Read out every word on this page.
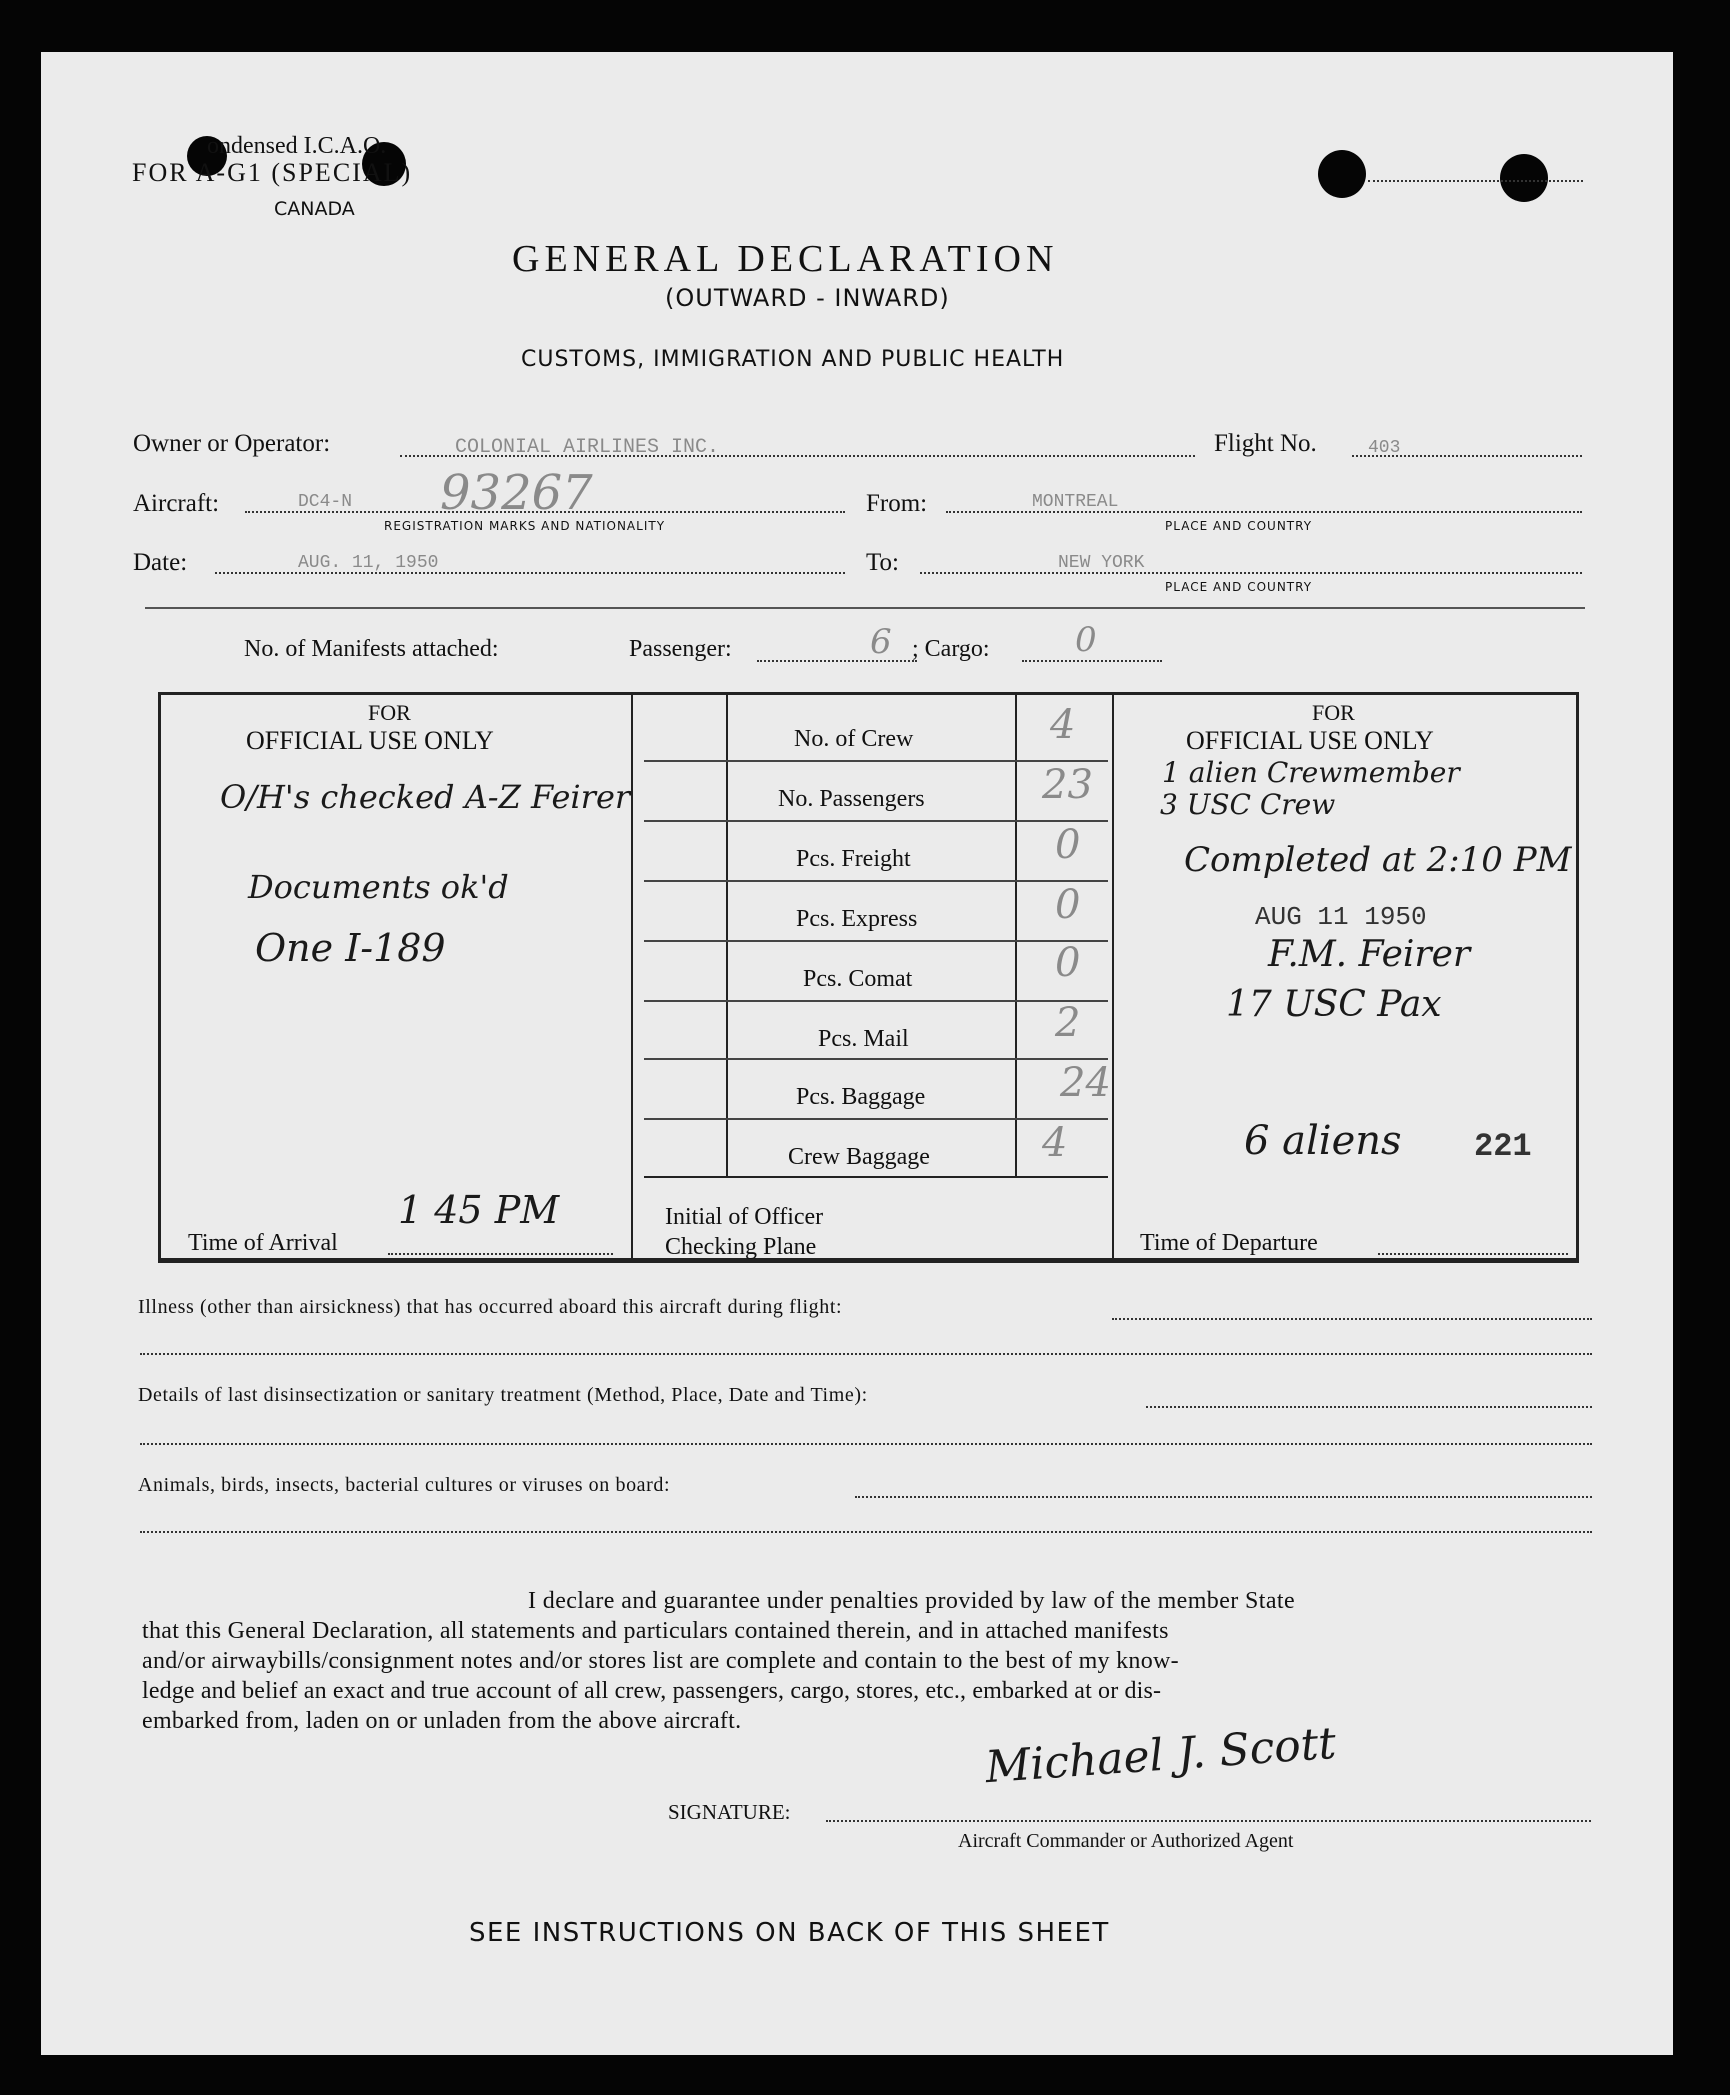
ondensed I.C.A.O.
FOR A-G1 (SPECIAL)
CANADA
GENERAL DECLARATION
(OUTWARD - INWARD)
CUSTOMS, IMMIGRATION AND PUBLIC HEALTH
Owner or Operator:	COLONIAL AIRLINES INC.	Flight No.	403
Aircraft:	DC4-N 93267
REGISTRATION MARKS AND NATIONALITY
From:	MONTREAL
PLACE AND COUNTRY
Date:	AUG. 11, 1950	To:	NEW YORK
PLACE AND COUNTRY
No. of Manifests attached:	Passenger:	6 ; Cargo:	0
FOR
OFFICIAL USE ONLY
O/H's checked A-Z Feirer
Documents ok'd
One I-189
Time of Arrival
1 45 PM
No. of Crew	4
No. Passengers	23
Pcs. Freight	0
Pcs. Express	0
Pcs. Comat	0
Pcs. Mail	2
Pcs. Baggage	24
Crew Baggage	4
Initial of Officer
Checking Plane
FOR
OFFICIAL USE ONLY
1 alien Crewmember
3 USC Crew
Completed at 2:10 PM
AUG 11 1950
F.M. Feirer
17 USC Pax
6 aliens 221
Time of Departure
Illness (other than airsickness) that has occurred aboard this aircraft during flight:
Details of last disinsectization or sanitary treatment (Method, Place, Date and Time):
Animals, birds, insects, bacterial cultures or viruses on board:
I declare and guarantee under penalties provided by law of the member State
that this General Declaration, all statements and particulars contained therein, and in attached manifests
and/or airwaybills/consignment notes and/or stores list are complete and contain to the best of my know-
ledge and belief an exact and true account of all crew, passengers, cargo, stores, etc., embarked at or dis-
embarked from, laden on or unladen from the above aircraft.	Michael J. Scott
SIGNATURE:
Aircraft Commander or Authorized Agent
SEE INSTRUCTIONS ON BACK OF THIS SHEET
